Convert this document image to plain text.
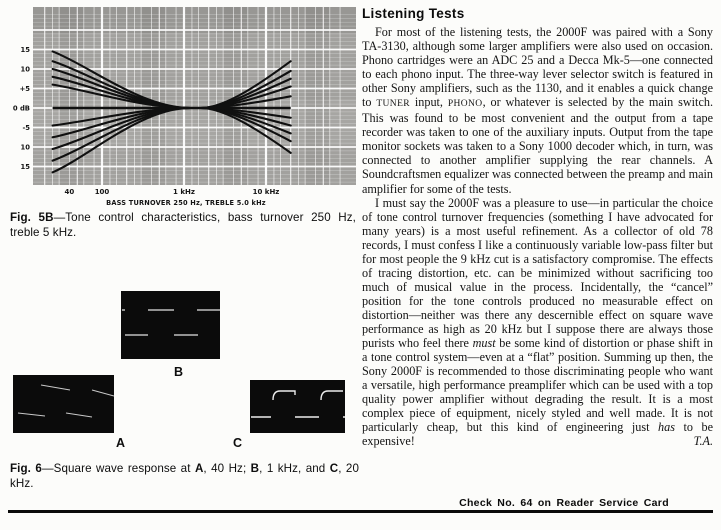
15
10
+5
0 dB
-5
10
15
40	100	1 kHz	10 kHz
BASS TURNOVER 250 Hz, TREBLE 5.0 kHz

Fig. 5B—Tone control characteristics, bass turnover 250 Hz, treble 5 kHz.

B
A	C

Fig. 6—Square wave response at A, 40 Hz; B, 1 kHz, and C, 20 kHz.

Listening Tests

For most of the listening tests, the 2000F was paired with a Sony TA-3130, although some larger amplifiers were also used on occasion. Phono cartridges were an ADC 25 and a Decca Mk-5—one connected to each phono input. The three-way lever selector switch is featured in other Sony amplifiers, such as the 1130, and it enables a quick change to TUNER input, PHONO, or whatever is selected by the main switch. This was found to be most convenient and the output from a tape recorder was taken to one of the auxiliary inputs. Output from the tape monitor sockets was taken to a Sony 1000 decoder which, in turn, was connected to another amplifier supplying the rear channels. A Soundcraftsmen equalizer was connected between the preamp and main amplifier for some of the tests.

I must say the 2000F was a pleasure to use—in particular the choice of tone control turnover frequencies (something I have advocated for many years) is a most useful refinement. As a collector of old 78 records, I must confess I like a continuously variable low-pass filter but for most people the 9 kHz cut is a satisfactory compromise. The effects of tracing distortion, etc. can be minimized without sacrificing too much of musical value in the process. Incidentally, the “cancel” position for the tone controls produced no measurable effect on distortion—neither was there any descernible effect on square wave performance as high as 20 kHz but I suppose there are always those purists who feel there must be some kind of distortion or phase shift in a tone control system—even at a “flat” position. Summing up then, the Sony 2000F is recommended to those discriminating people who want a versatile, high performance preamplifer which can be used with a top quality power amplifier without degrading the result. It is a most complex piece of equipment, nicely styled and well made. It is not particularly cheap, but this kind of engineering just has to be expensive!	T.A.

Check No. 64 on Reader Service Card
